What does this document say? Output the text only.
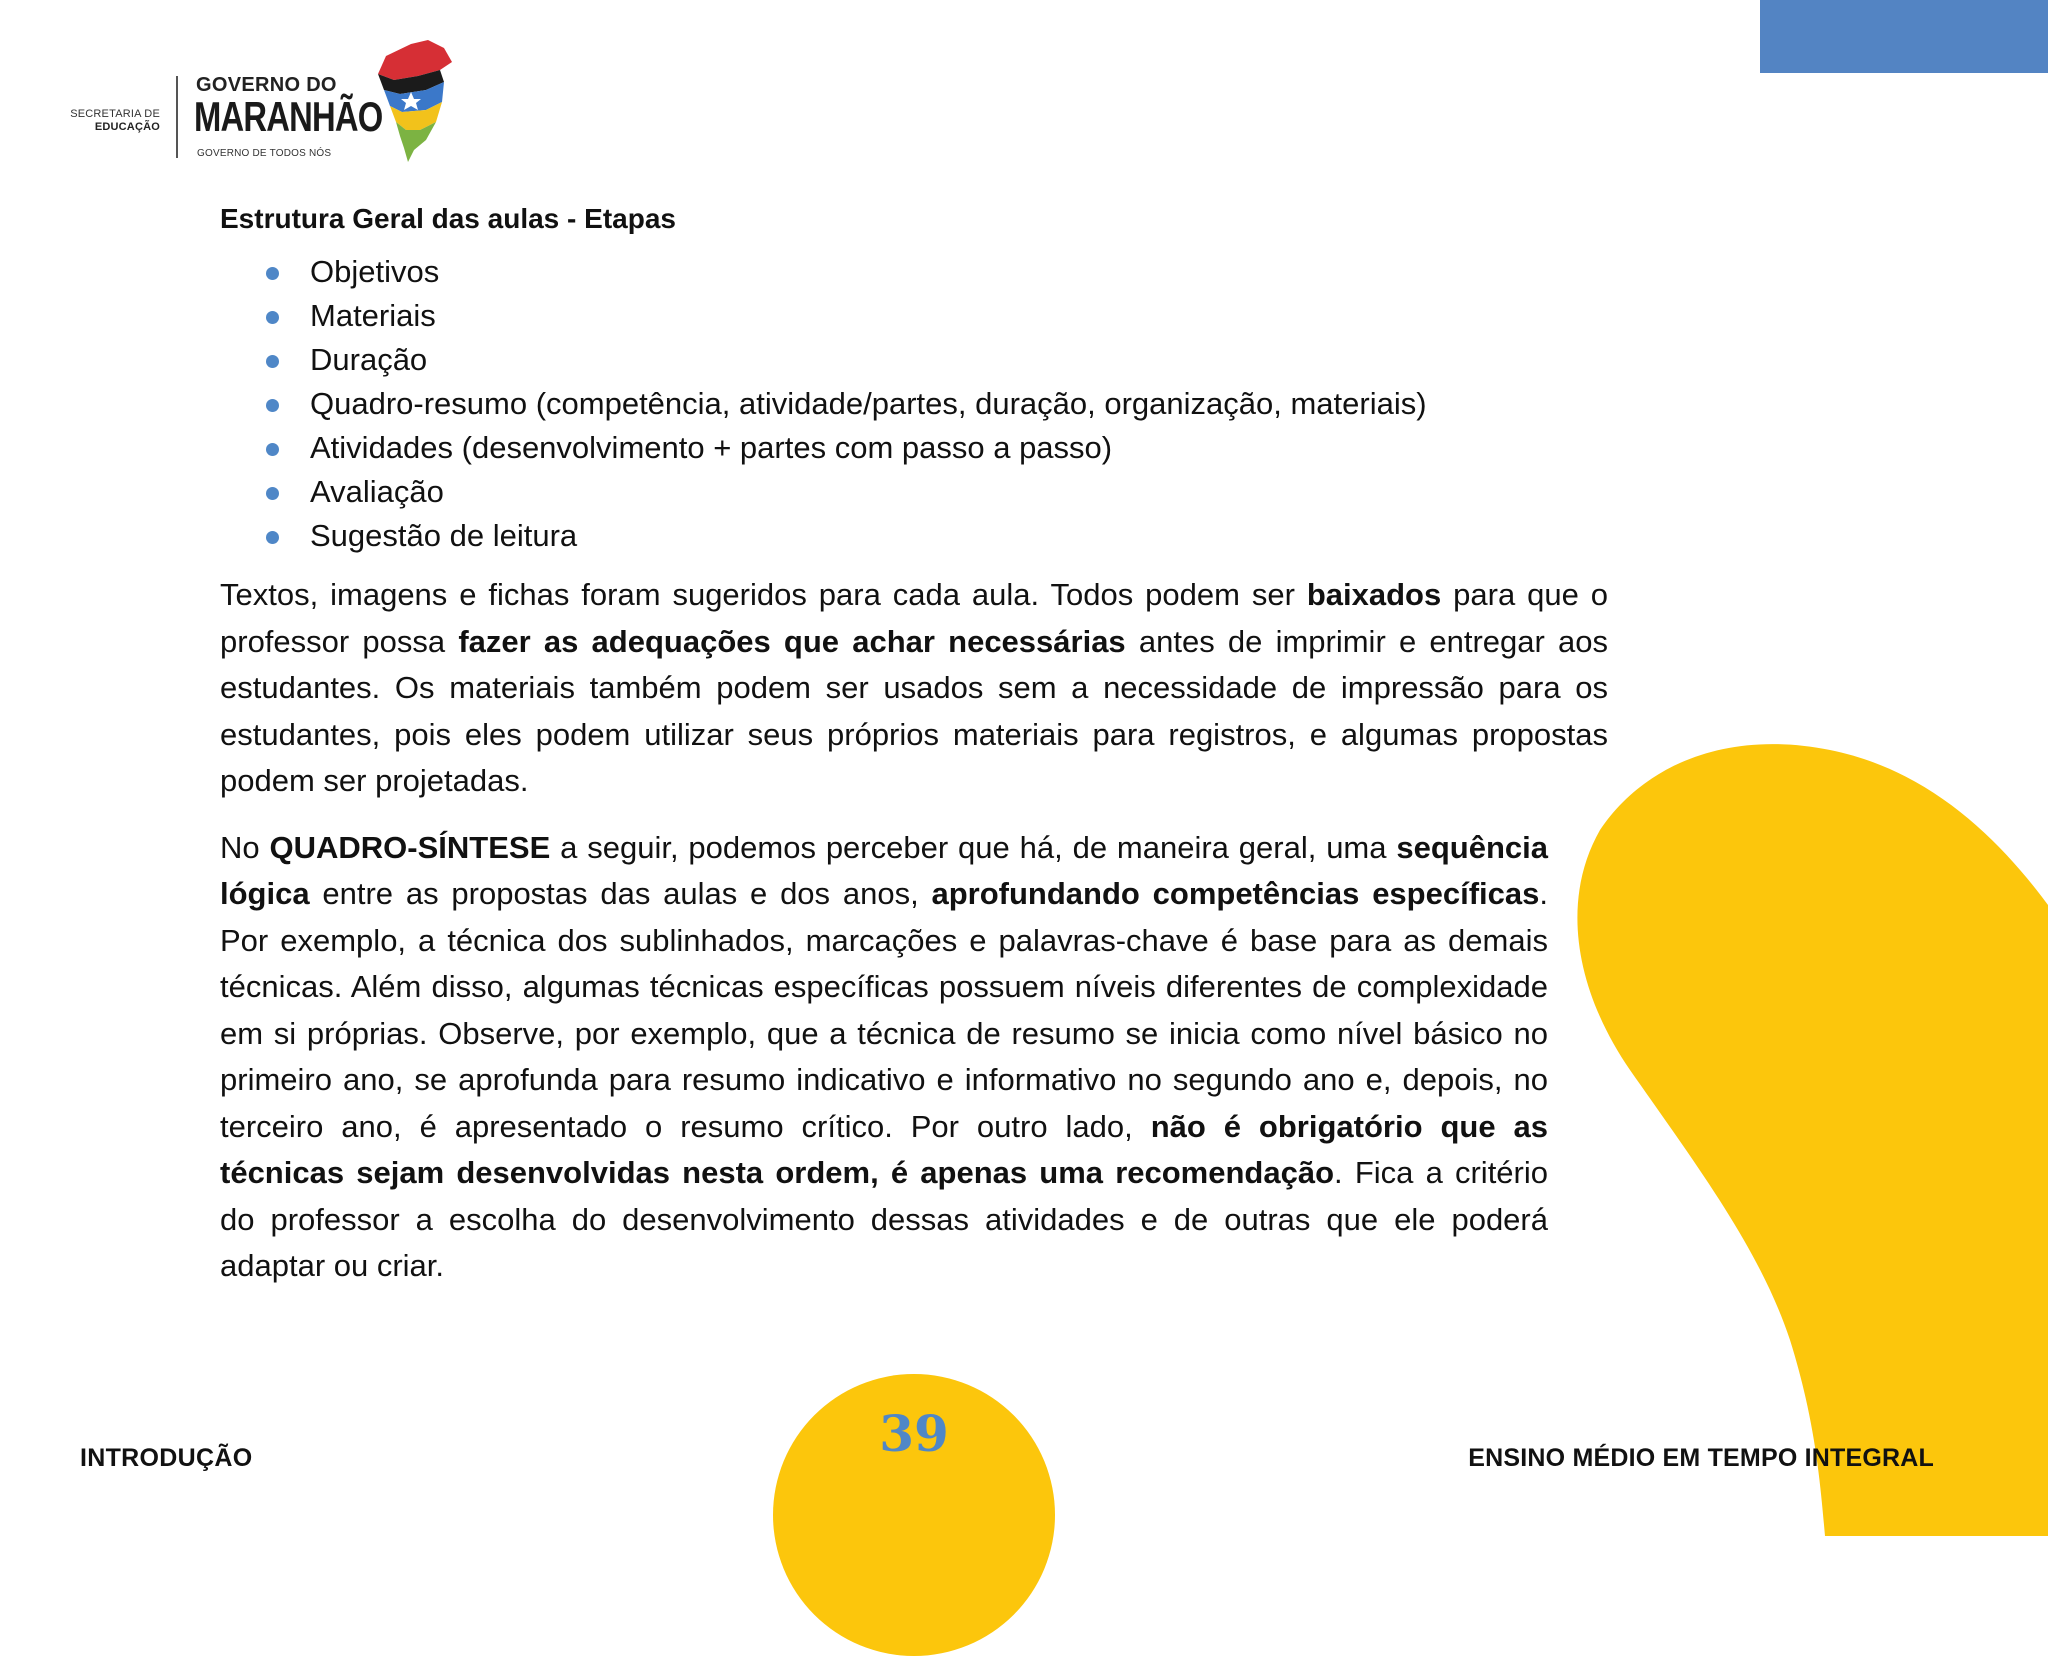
SECRETARIA DE
EDUCAÇÃO
GOVERNO DO
MARANHÃO
GOVERNO DE TODOS NÓS
Estrutura Geral das aulas - Etapas
Objetivos
Materiais
Duração
Quadro-resumo (competência, atividade/partes, duração, organização, materiais)
Atividades (desenvolvimento + partes com passo a passo)
Avaliação
Sugestão de leitura

Textos, imagens e fichas foram sugeridos para cada aula. Todos podem ser baixados para que o professor possa fazer as adequações que achar necessárias antes de imprimir e entregar aos estudantes. Os materiais também podem ser usados sem a necessidade de impressão para os estudantes, pois eles podem utilizar seus próprios materiais para registros, e algumas propostas podem ser projetadas.

No QUADRO-SÍNTESE a seguir, podemos perceber que há, de maneira geral, uma sequência lógica entre as propostas das aulas e dos anos, aprofundando competências específicas. Por exemplo, a técnica dos sublinhados, marcações e palavras-chave é base para as demais técnicas. Além disso, algumas técnicas específicas possuem níveis diferentes de complexidade em si próprias. Observe, por exemplo, que a técnica de resumo se inicia como nível básico no primeiro ano, se aprofunda para resumo indicativo e informativo no segundo ano e, depois, no terceiro ano, é apresentado o resumo crítico. Por outro lado, não é obrigatório que as técnicas sejam desenvolvidas nesta ordem, é apenas uma recomendação. Fica a critério do professor a escolha do desenvolvimento dessas atividades e de outras que ele poderá adaptar ou criar.

INTRODUÇÃO	39	ENSINO MÉDIO EM TEMPO INTEGRAL
